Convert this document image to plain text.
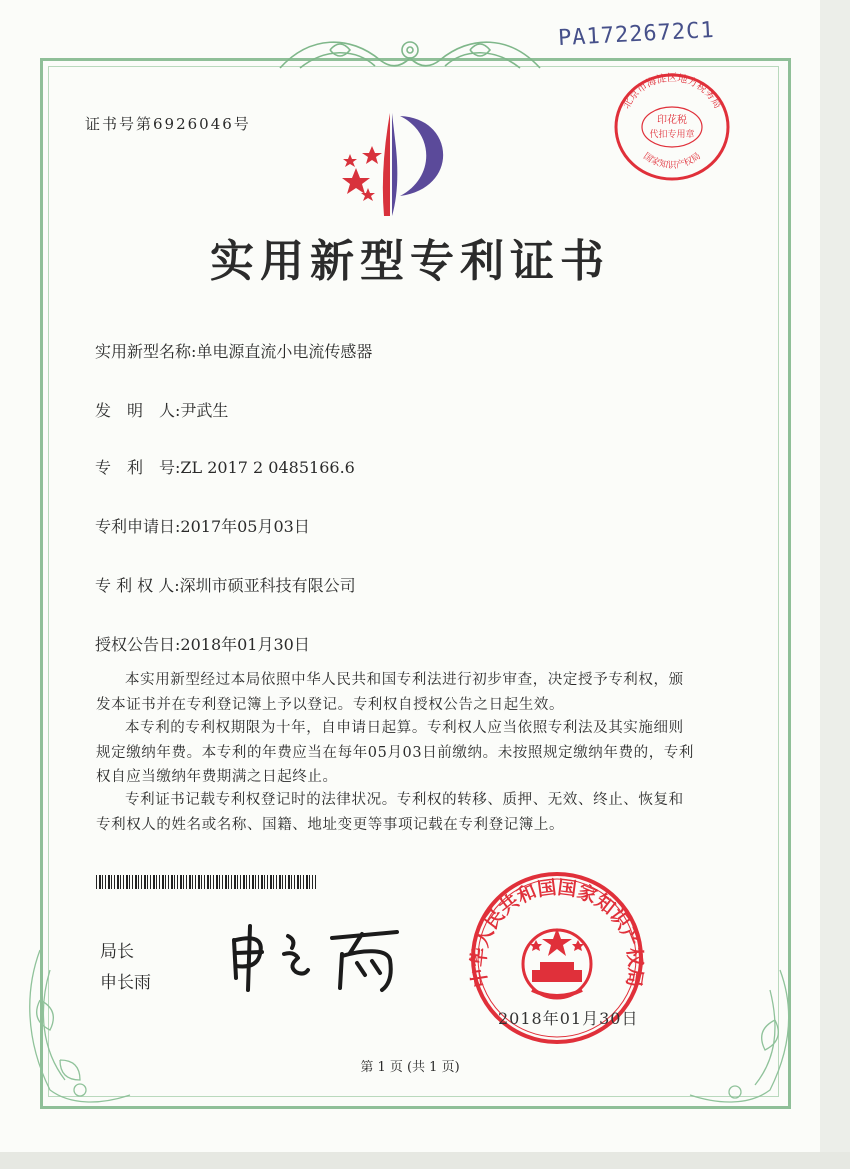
PA1722672C1
北京市海淀区地方税务局
印花税
代扣专用章
国家知识产权局
证书号第6926046号
实用新型专利证书
实用新型名称:单电源直流小电流传感器
发　明　人:尹武生
专　利　号:ZL 2017 2 0485166.6
专利申请日:2017年05月03日
专 利 权 人:深圳市硕亚科技有限公司
授权公告日:2018年01月30日
本实用新型经过本局依照中华人民共和国专利法进行初步审查，决定授予专利权，颁发本证书并在专利登记簿上予以登记。专利权自授权公告之日起生效。
本专利的专利权期限为十年，自申请日起算。专利权人应当依照专利法及其实施细则规定缴纳年费。本专利的年费应当在每年05月03日前缴纳。未按照规定缴纳年费的，专利权自应当缴纳年费期满之日起终止。
专利证书记载专利权登记时的法律状况。专利权的转移、质押、无效、终止、恢复和专利权人的姓名或名称、国籍、地址变更等事项记载在专利登记簿上。
局长
申长雨	中华人民共和国国家知识产权局
2018年01月30日
第 1 页 (共 1 页)
